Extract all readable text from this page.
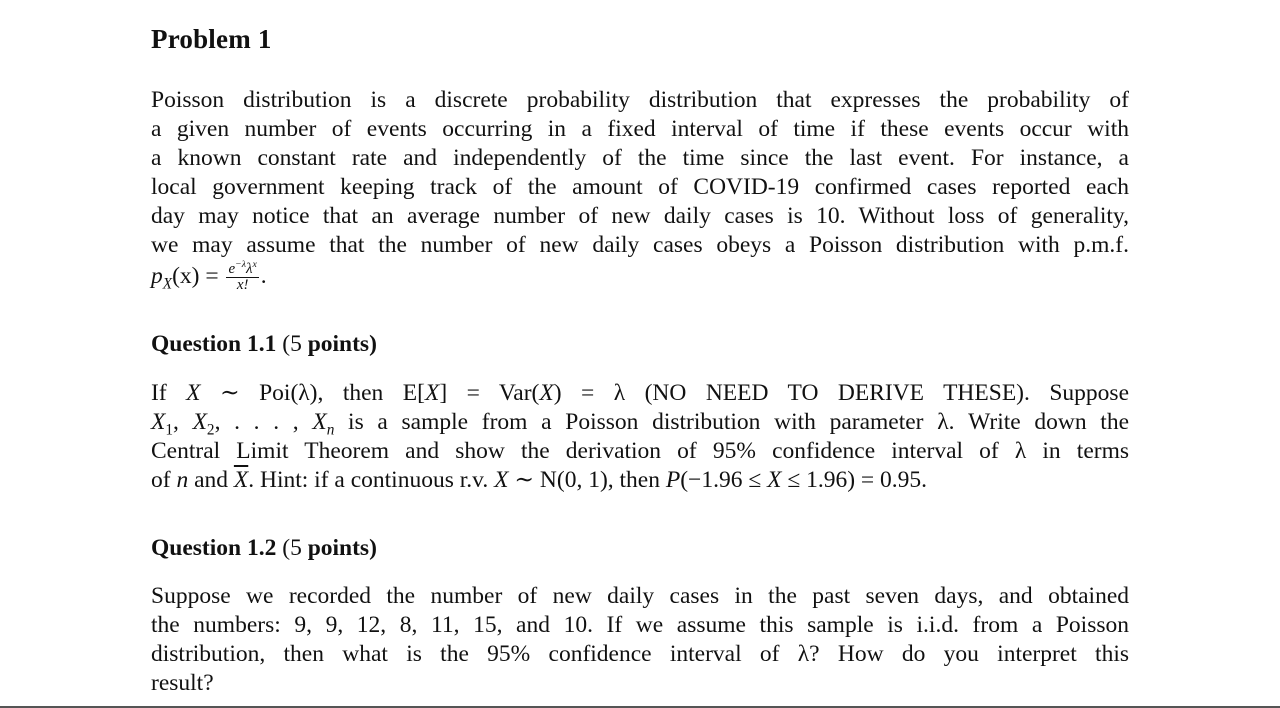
Problem 1
Poisson distribution is a discrete probability distribution that expresses the probability of
a given number of events occurring in a fixed interval of time if these events occur with
a known constant rate and independently of the time since the last event. For instance, a
local government keeping track of the amount of COVID-19 confirmed cases reported each
day may notice that an average number of new daily cases is 10. Without loss of generality,
we may assume that the number of new daily cases obeys a Poisson distribution with p.m.f.
$p_X(x) = \frac{e^{-\lambda}\lambda^x}{x!}$ .
Question 1.1 (5 points)
If X ∼ Poi(λ), then E[X] = Var(X) = λ (NO NEED TO DERIVE THESE). Suppose
$X_1$, $X_2$, . . . , $X_n$ is a sample from a Poisson distribution with parameter λ. Write down the
Central Limit Theorem and show the derivation of 95% confidence interval of λ in terms
of n and $\overline{X}$. Hint: if a continuous r.v. X ∼ N(0, 1), then P(−1.96 ≤ X ≤ 1.96) = 0.95.
Question 1.2 (5 points)
Suppose we recorded the number of new daily cases in the past seven days, and obtained
the numbers: 9, 9, 12, 8, 11, 15, and 10. If we assume this sample is i.i.d. from a Poisson
distribution, then what is the 95% confidence interval of λ? How do you interpret this
result?
